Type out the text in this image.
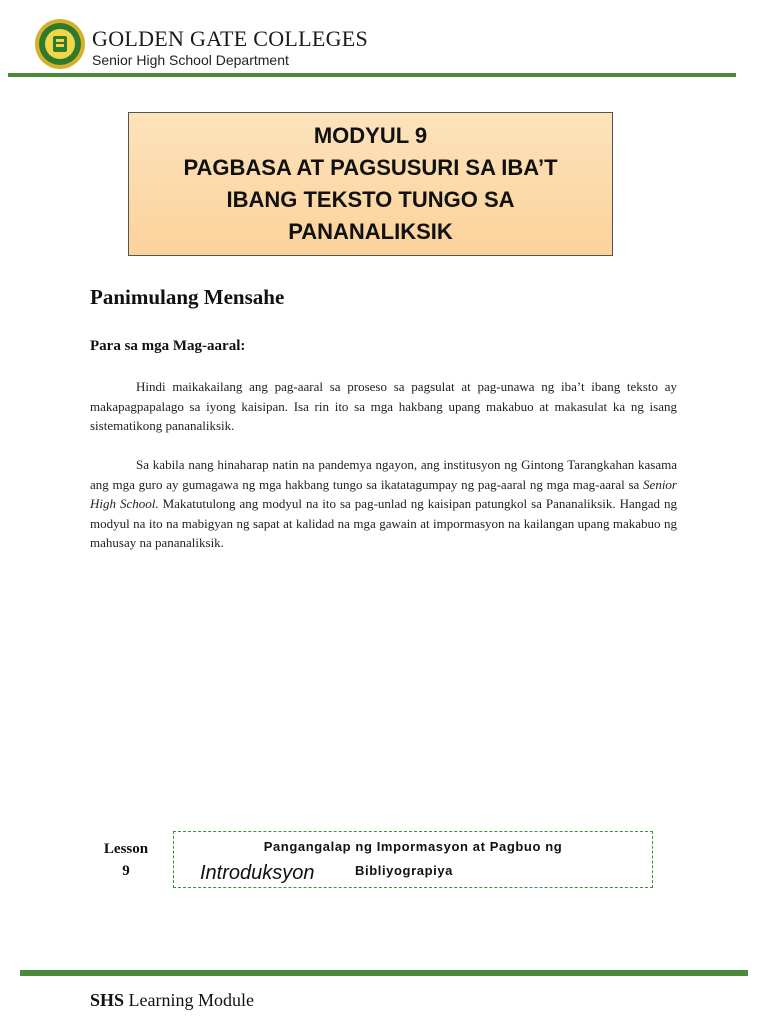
GOLDEN GATE COLLEGES
Senior High School Department
MODYUL 9
PAGBASA AT PAGSUSURI SA IBA’T
IBANG TEKSTO TUNGO SA
PANANALIKSIK
Panimulang Mensahe
Para sa mga Mag-aaral:

Hindi maikakailang ang pag-aaral sa proseso sa pagsulat at pag-unawa ng iba’t ibang teksto ay makapagpapalago sa iyong kaisipan. Isa rin ito sa mga hakbang upang makabuo at makasulat ka ng isang sistematikong pananaliksik.

Sa kabila nang hinaharap natin na pandemya ngayon, ang institusyon ng Gintong Tarangkahan kasama ang mga guro ay gumagawa ng mga hakbang tungo sa ikatatagumpay ng pag-aaral ng mga mag-aaral sa Senior High School. Makatutulong ang modyul na ito sa pag-unlad ng kaisipan patungkol sa Pananaliksik. Hangad ng modyul na ito na mabigyan ng sapat at kalidad na mga gawain at impormasyon na kailangan upang makabuo ng mahusay na pananaliksik.

Lesson
9
Pangangalap ng Impormasyon at Pagbuo ng
Introduksyon	Bibliyograpiya
SHS Learning Module
